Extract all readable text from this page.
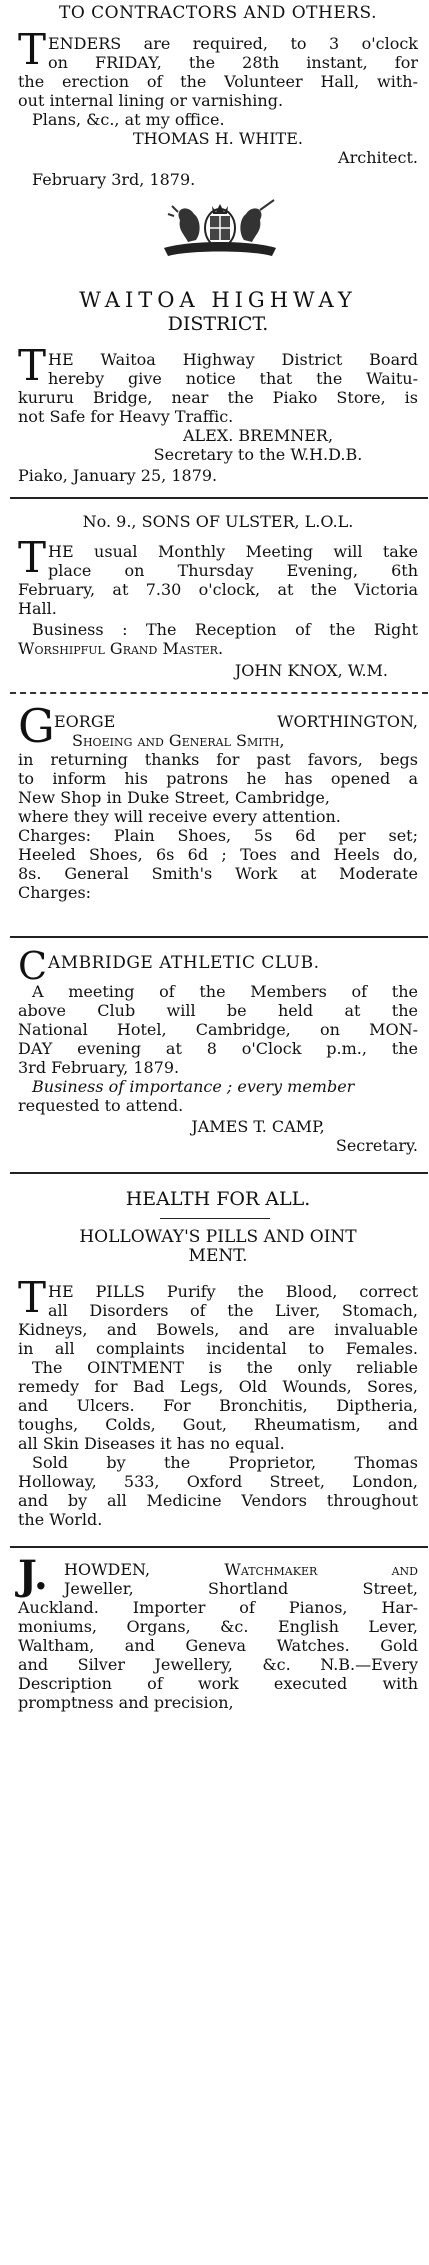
TO CONTRACTORS AND OTHERS.
T ENDERS are required, to 3 o'clock
on FRIDAY, the 28th instant, for
the erection of the Volunteer Hall, with-
out internal lining or varnishing.
Plans, &c., at my office.
THOMAS H. WHITE.
Architect.
February 3rd, 1879.
WAITOA HIGHWAY
DISTRICT.
T HE Waitoa Highway District Board
hereby give notice that the Waitu-
kururu Bridge, near the Piako Store, is
not Safe for Heavy Traffic.
ALEX. BREMNER,
Secretary to the W.H.D.B.
Piako, January 25, 1879.
No. 9., SONS OF ULSTER, L.O.L.
T HE usual Monthly Meeting will take
place on Thursday Evening, 6th
February, at 7.30 o'clock, at the Victoria
Hall.
Business : The Reception of the Right
Worshipful Grand Master.
JOHN KNOX, W.M.
G EORGE WORTHINGTON,
Shoeing and General Smith,
in returning thanks for past favors, begs
to inform his patrons he has opened a
New Shop in Duke Street, Cambridge,
where they will receive every attention.
Charges: Plain Shoes, 5s 6d per set;
Heeled Shoes, 6s 6d ; Toes and Heels do,
8s. General Smith's Work at Moderate
Charges:
C AMBRIDGE ATHLETIC CLUB.
A meeting of the Members of the
above Club will be held at the
National Hotel, Cambridge, on MON-
DAY evening at 8 o'Clock p.m., the
3rd February, 1879.
Business of importance ; every member
requested to attend.
JAMES T. CAMP,
Secretary.
HEALTH FOR ALL.
HOLLOWAY'S PILLS AND OINT
MENT.
T HE PILLS Purify the Blood, correct
all Disorders of the Liver, Stomach,
Kidneys, and Bowels, and are invaluable
in all complaints incidental to Females.
The OINTMENT is the only reliable
remedy for Bad Legs, Old Wounds, Sores,
and Ulcers. For Bronchitis, Diptheria,
toughs, Colds, Gout, Rheumatism, and
all Skin Diseases it has no equal.
Sold by the Proprietor, Thomas
Holloway, 533, Oxford Street, London,
and by all Medicine Vendors throughout
the World.
J. HOWDEN, Watchmaker and
Jeweller, Shortland Street,
Auckland. Importer of Pianos, Har-
moniums, Organs, &c. English Lever,
Waltham, and Geneva Watches. Gold
and Silver Jewellery, &c. N.B.—Every
Description of work executed with
promptness and precision,
